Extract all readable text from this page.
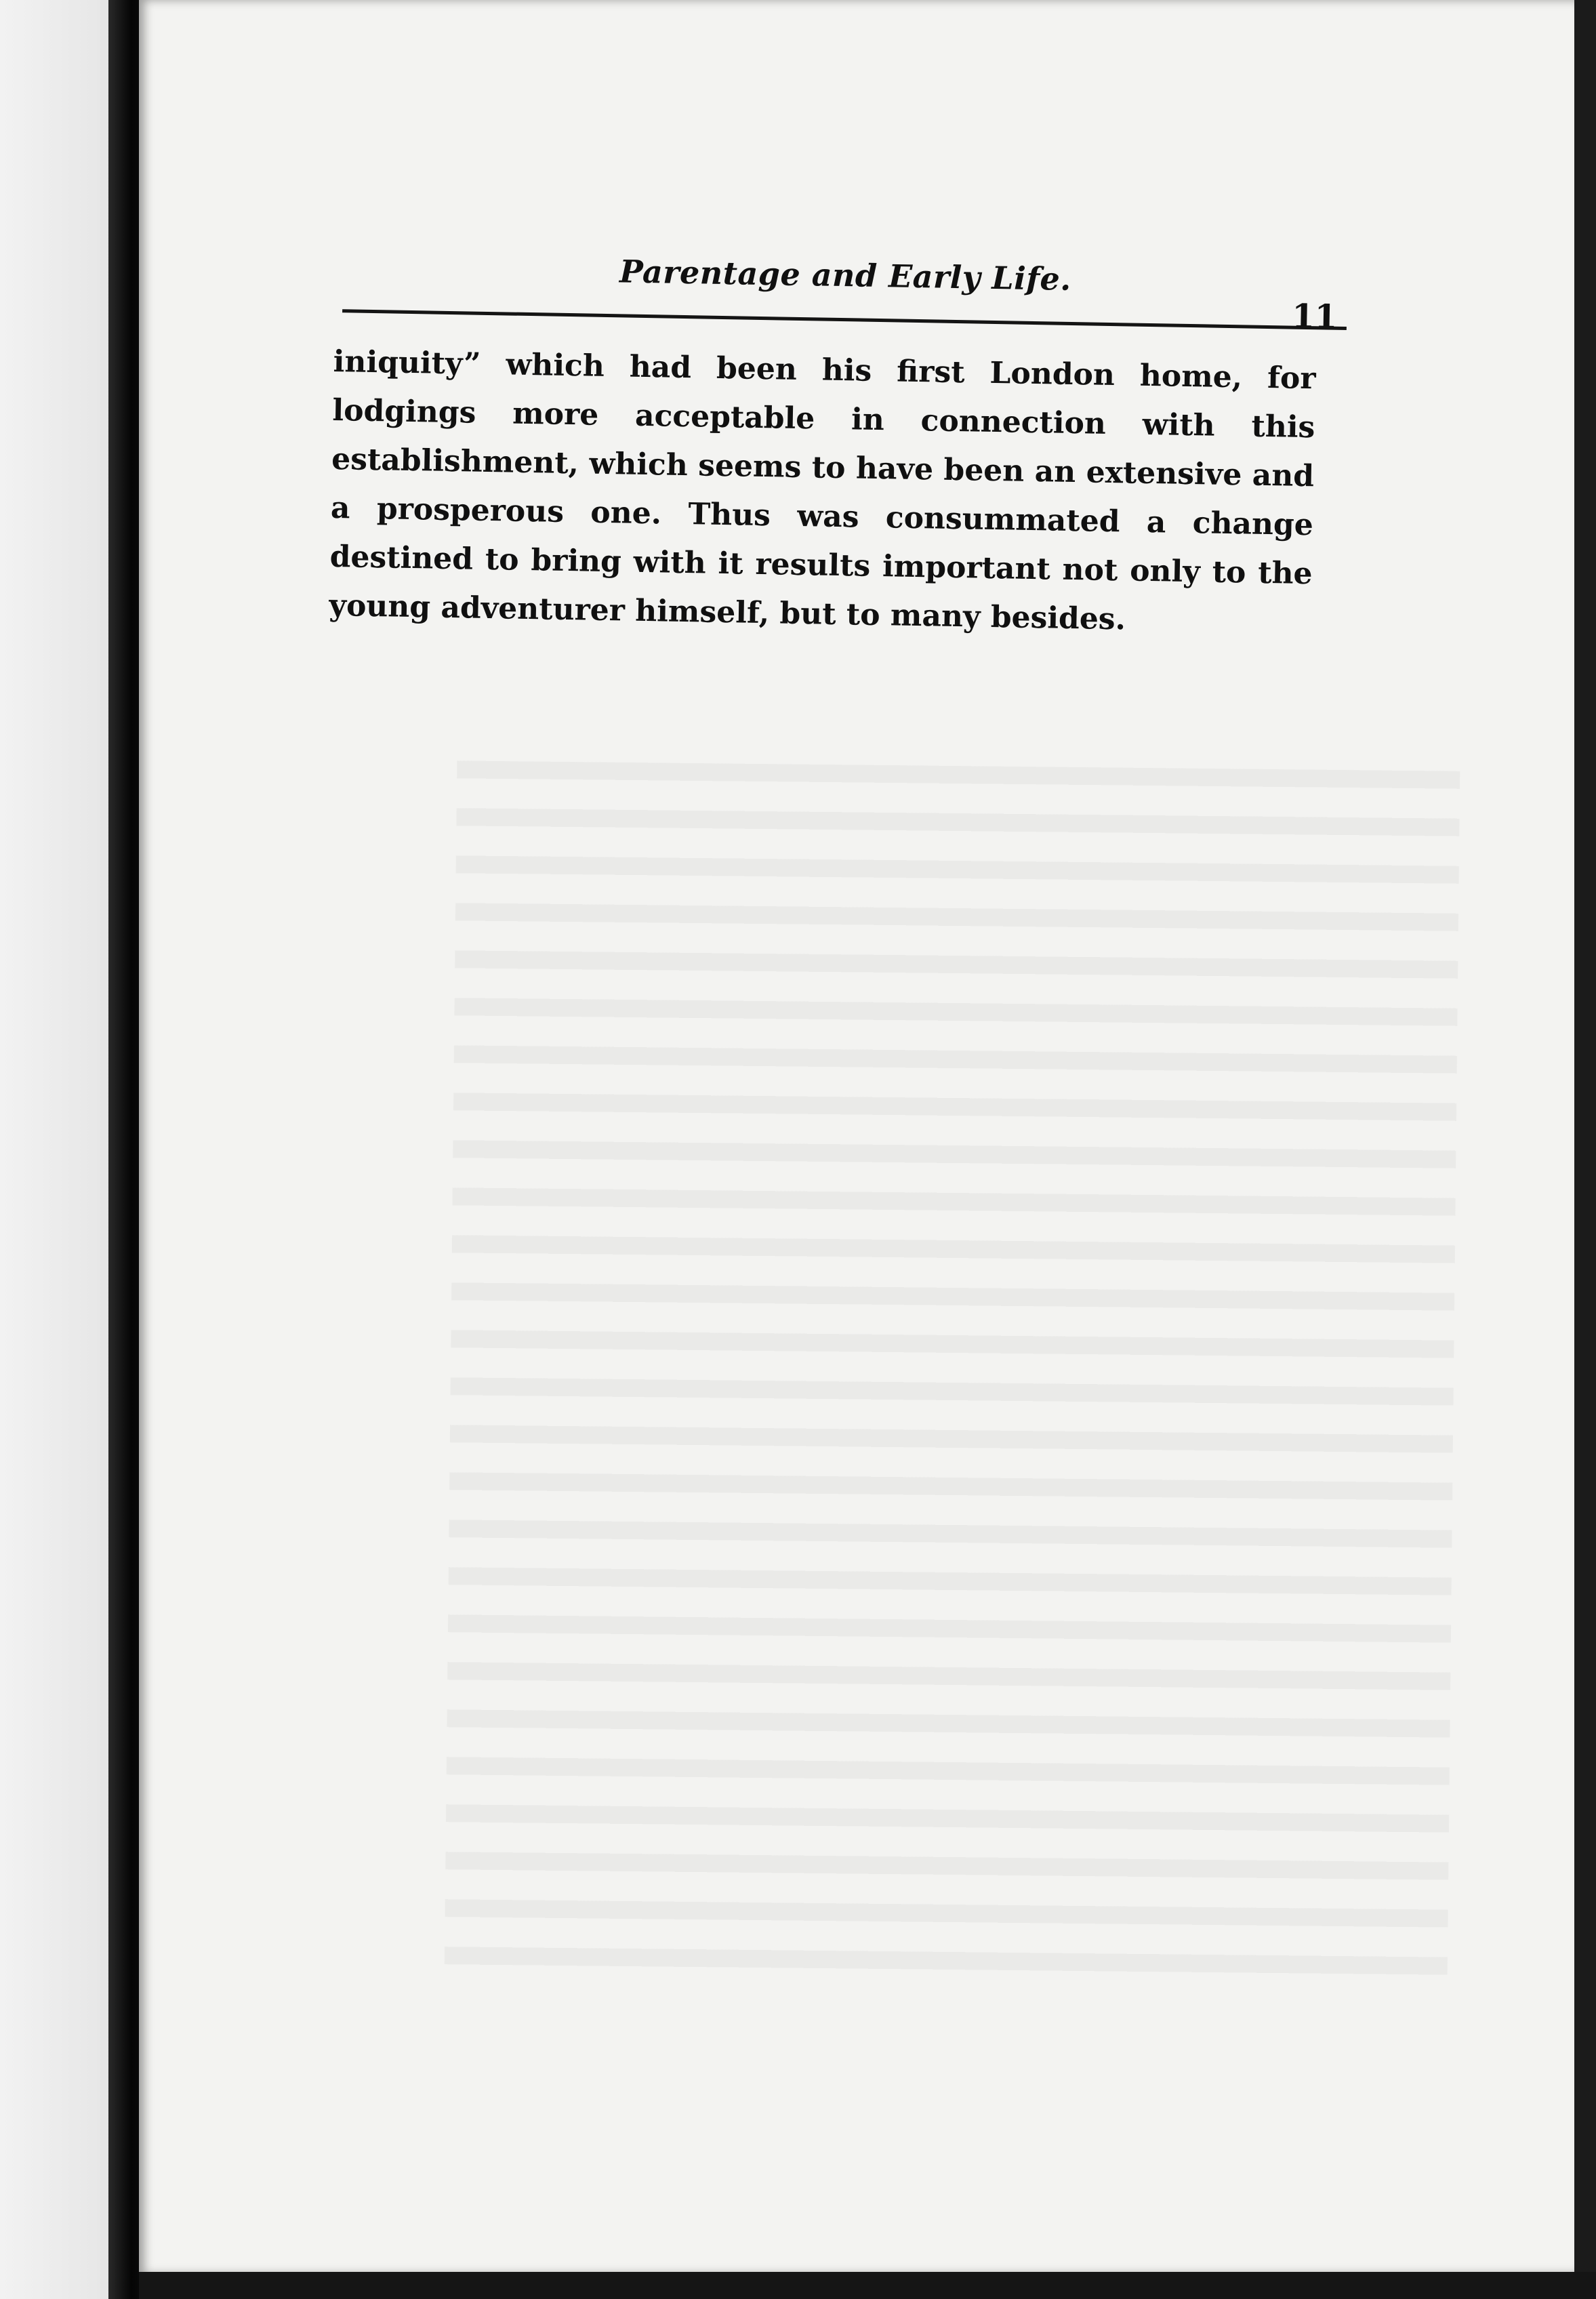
Parentage and Early Life.
11

iniquity” which had been his first London home, for lodgings more acceptable in connection with this establishment, which seems to have been an extensive and a prosperous one. Thus was consummated a change destined to bring with it results important not only to the young adventurer himself, but to many besides.
